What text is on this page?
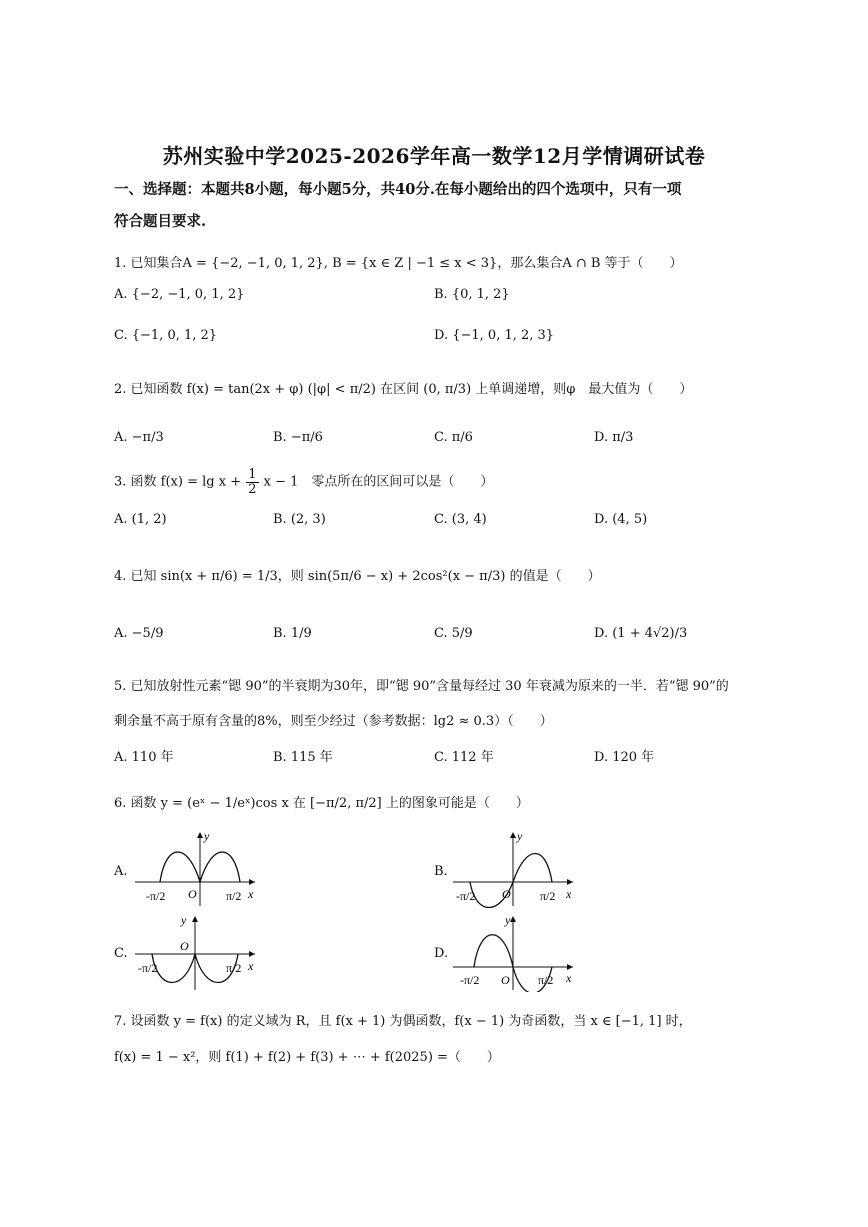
苏州实验中学2025-2026学年高一数学12月学情调研试卷
一、选择题：本题共8小题，每小题5分，共40分.在每小题给出的四个选项中，只有一项
符合题目要求.
1. 已知集合A = {−2, −1, 0, 1, 2}, B = {x ∈ Z | −1 ≤ x < 3}，那么集合A ∩ B 等于（　　）
A. {−2, −1, 0, 1, 2}	B. {0, 1, 2}
C. {−1, 0, 1, 2}	D. {−1, 0, 1, 2, 3}
2. 已知函数 f(x) = tan(2x + φ) (|φ| < π/2) 在区间 (0, π/3) 上单调递增，则φ　最大值为（　　）
A. −π/3	B. −π/6	C. π/6	D. π/3
3. 函数 $f(x) = \lg x + \frac{1}{2}$ x − 1　零点所在的区间可以是（　　）
A. (1, 2)	B. (2, 3)	C. (3, 4)	D. (4, 5)
4. 已知 sin(x + π/6) = 1/3，则 sin(5π/6 − x) + 2cos²(x − π/3) 的值是（　　）
A. −5/9	B. 1/9	C. 5/9	D. (1 + 4√2)/3
5. 已知放射性元素“锶 90”的半衰期为30年，即“锶 90”含量每经过 30 年衰减为原来的一半．若“锶 90”的
剩余量不高于原有含量的8%，则至少经过（参考数据：lg2 ≈ 0.3）（　　）
A. 110 年	B. 115 年	C. 112 年	D. 120 年
6. 函数 y = (eˣ − 1/eˣ)cos x 在 [−π/2, π/2] 上的图象可能是（　　）
A.	B.
C.	D.
y
x
O
-π/2	π/2
y
x
O
-π/2	π/2
y
x
O
-π/2	π/2
y
x
O
-π/2	π/2
7. 设函数 y = f(x) 的定义域为 R，且 f(x + 1) 为偶函数，f(x − 1) 为奇函数，当 x ∈ [−1, 1] 时，
f(x) = 1 − x²，则 f(1) + f(2) + f(3) + ⋯ + f(2025) =（　　）
